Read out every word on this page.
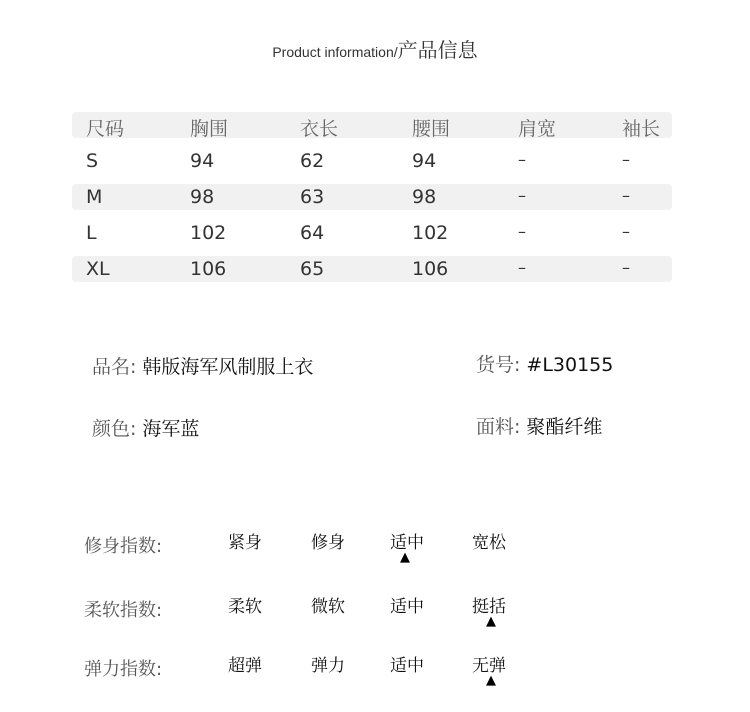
Product information/产品信息
尺码	胸围	衣长	腰围	肩宽	袖长
S	94	62	94	–	–
M	98	63	98	–	–
L	102	64	102	–	–
XL	106	65	106	–	–
品名: 韩版海军风制服上衣	货号: #L30155
颜色: 海军蓝	面料: 聚酯纤维
修身指数:	紧身	修身	适中	宽松
▲
柔软指数:	柔软	微软	适中	挺括
▲
弹力指数:	超弹	弹力	适中	无弹
▲
